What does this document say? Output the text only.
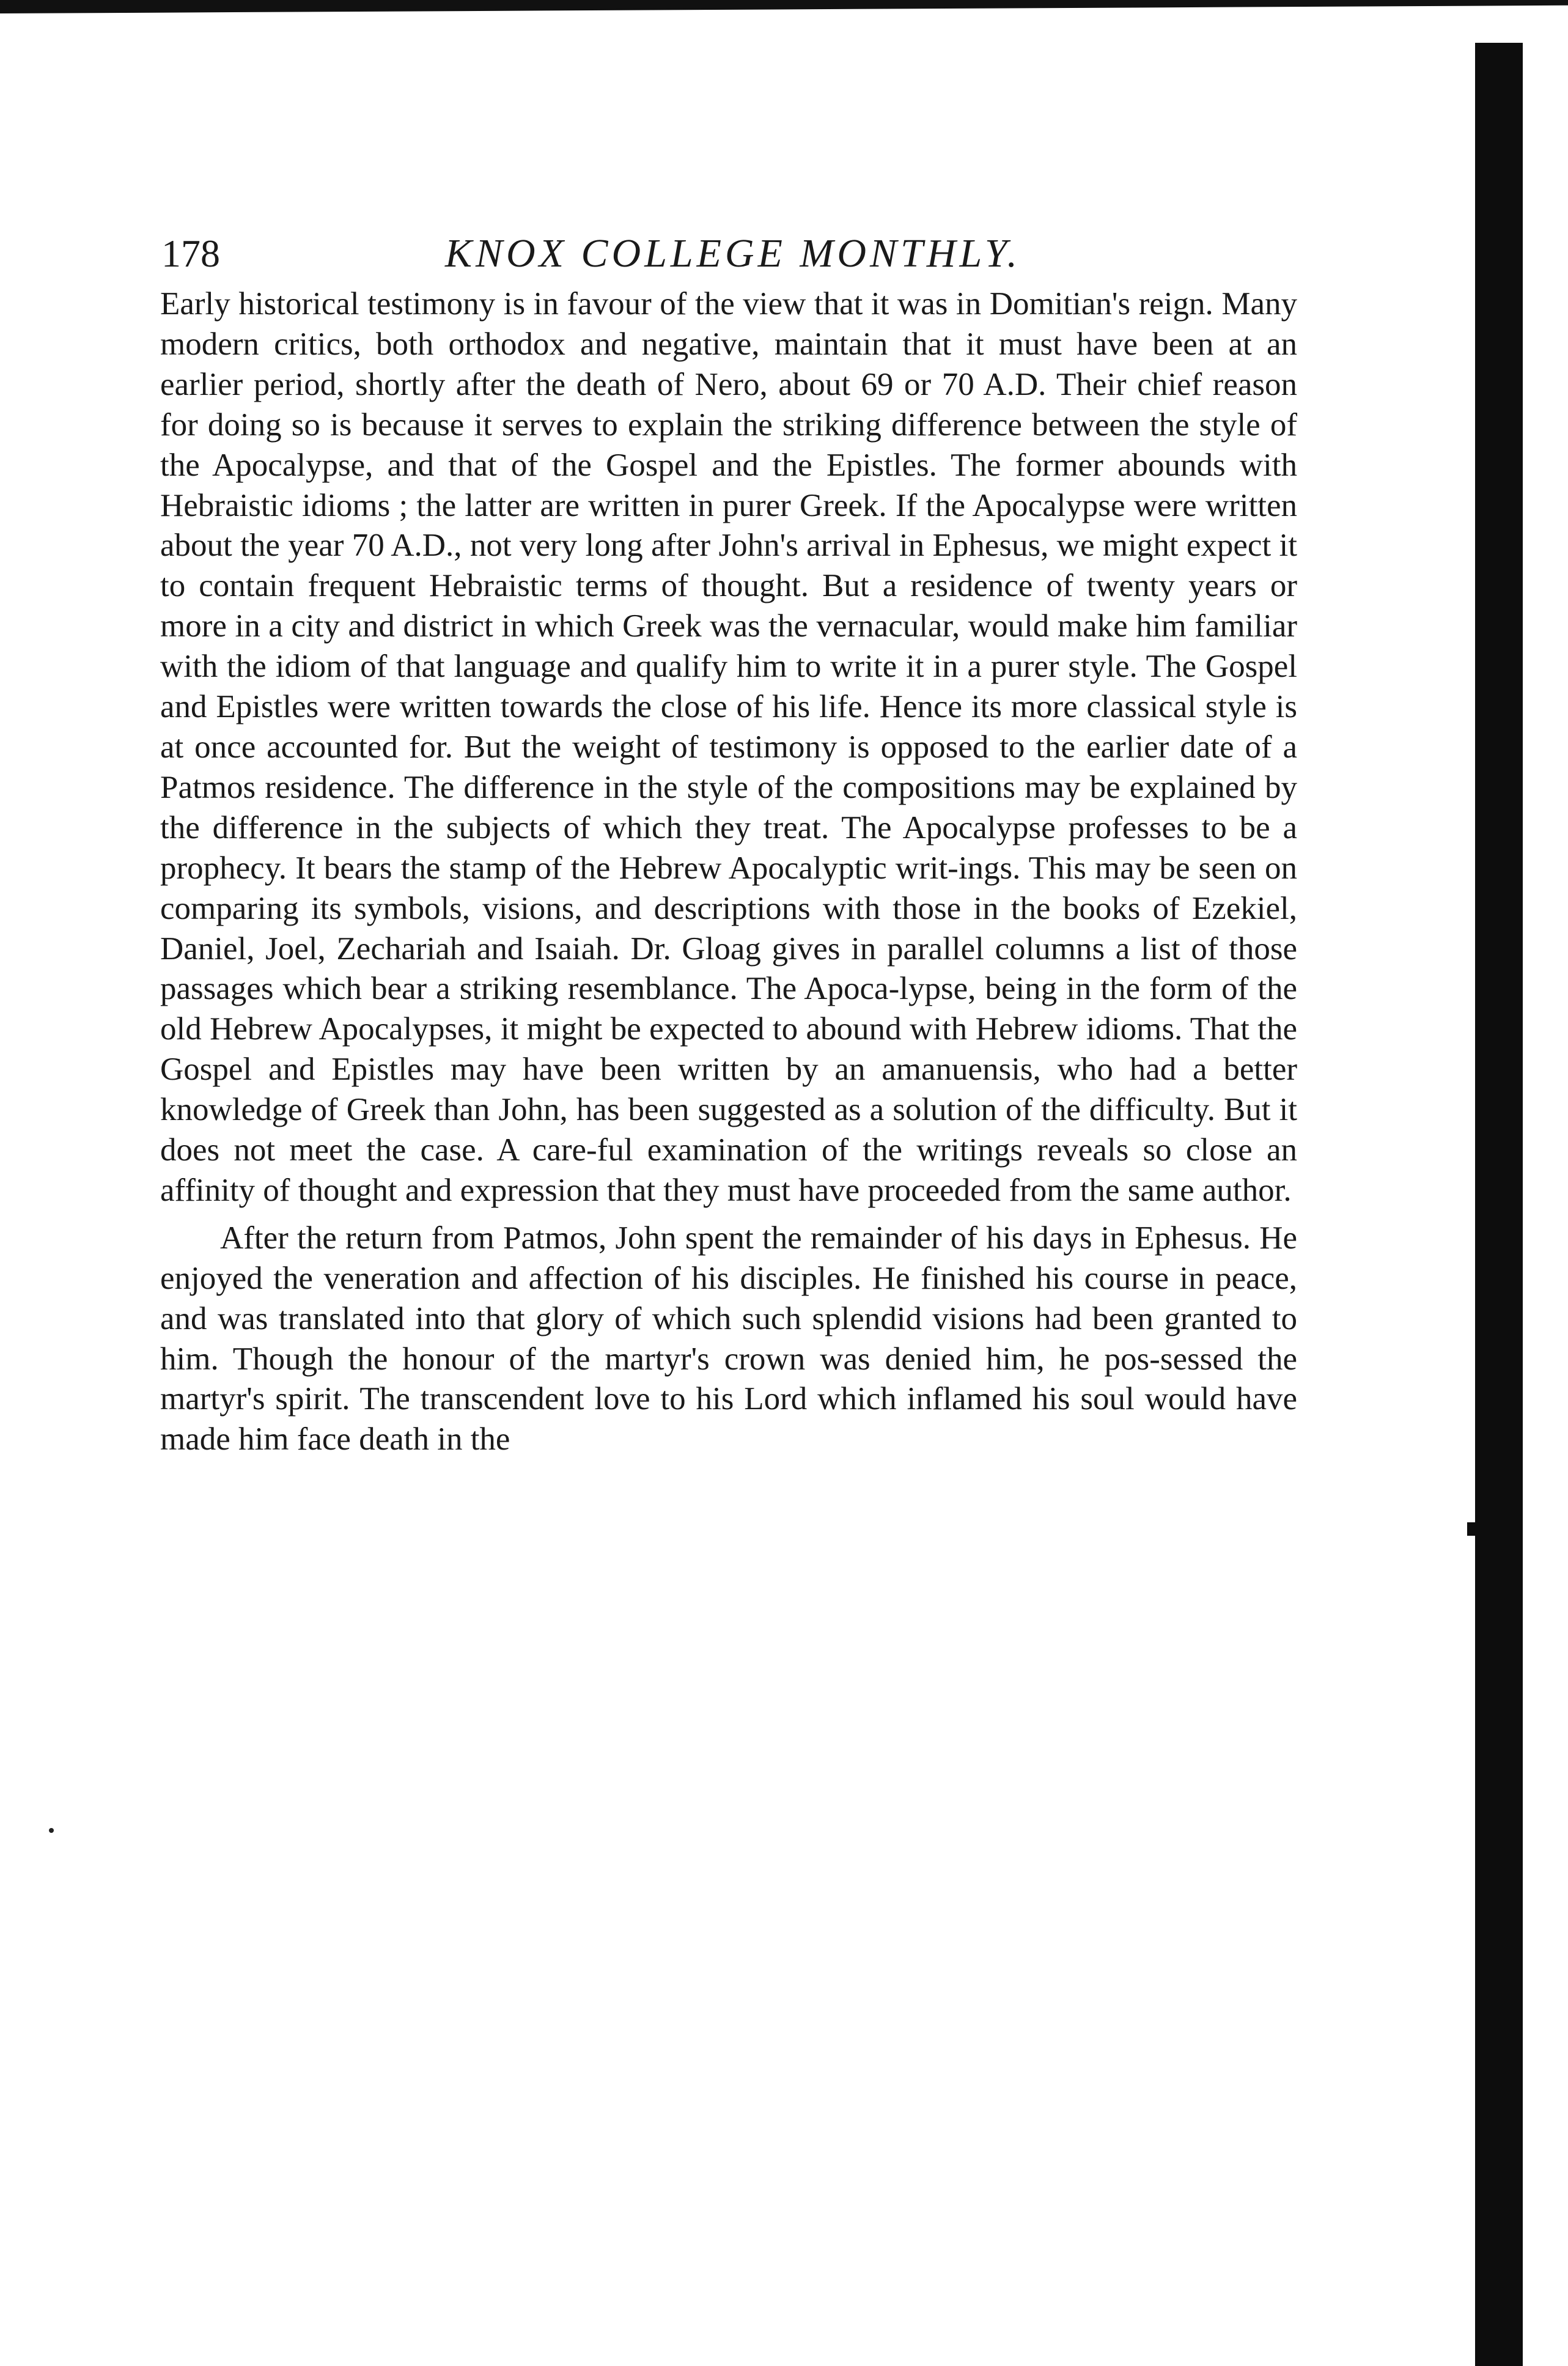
178	KNOX COLLEGE MONTHLY.

Early historical testimony is in favour of the view that it was in Domitian's reign. Many modern critics, both orthodox and negative, maintain that it must have been at an earlier period, shortly after the death of Nero, about 69 or 70 A.D. Their chief reason for doing so is because it serves to explain the striking difference between the style of the Apocalypse, and that of the Gospel and the Epistles. The former abounds with Hebraistic idioms ; the latter are written in purer Greek. If the Apocalypse were written about the year 70 A.D., not very long after John's arrival in Ephesus, we might expect it to contain frequent Hebraistic terms of thought. But a residence of twenty years or more in a city and district in which Greek was the vernacular, would make him familiar with the idiom of that language and qualify him to write it in a purer style. The Gospel and Epistles were written towards the close of his life. Hence its more classical style is at once accounted for. But the weight of testimony is opposed to the earlier date of a Patmos residence. The difference in the style of the compositions may be explained by the difference in the subjects of which they treat. The Apocalypse professes to be a prophecy. It bears the stamp of the Hebrew Apocalyptic writ-ings. This may be seen on comparing its symbols, visions, and descriptions with those in the books of Ezekiel, Daniel, Joel, Zechariah and Isaiah. Dr. Gloag gives in parallel columns a list of those passages which bear a striking resemblance. The Apoca-lypse, being in the form of the old Hebrew Apocalypses, it might be expected to abound with Hebrew idioms. That the Gospel and Epistles may have been written by an amanuensis, who had a better knowledge of Greek than John, has been suggested as a solution of the difficulty. But it does not meet the case. A care-ful examination of the writings reveals so close an affinity of thought and expression that they must have proceeded from the same author.

After the return from Patmos, John spent the remainder of his days in Ephesus. He enjoyed the veneration and affection of his disciples. He finished his course in peace, and was translated into that glory of which such splendid visions had been granted to him. Though the honour of the martyr's crown was denied him, he pos-sessed the martyr's spirit. The transcendent love to his Lord which inflamed his soul would have made him face death in the
